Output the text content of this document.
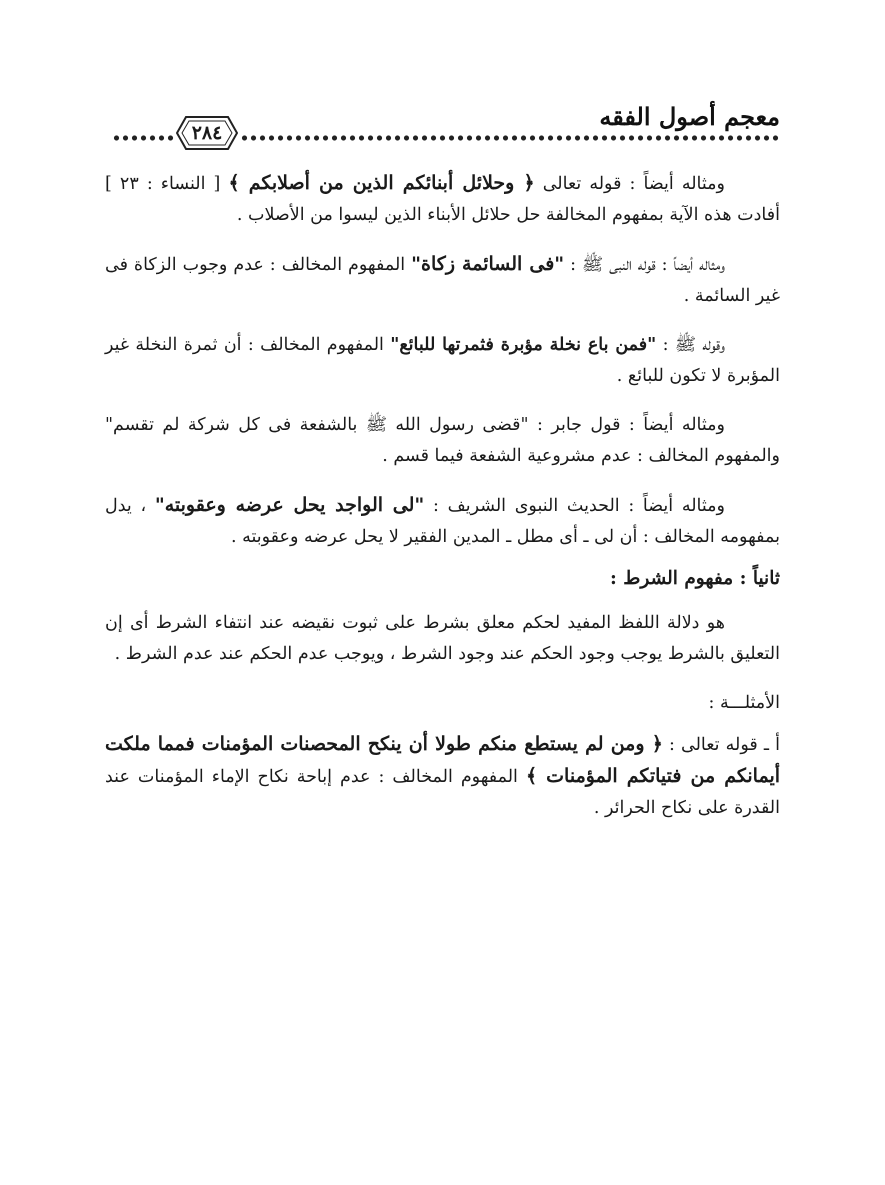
معجم أصول الفقه
٢٨٤

ومثاله أيضاً : قوله تعالى ﴿ وحلائل أبنائكم الذين من أصلابكم ﴾ [ النساء : ٢٣ ] أفادت هذه الآية بمفهوم المخالفة حل حلائل الأبناء الذين ليسوا من الأصلاب .

ومثاله أيضاً : قوله النبى ﷺ : "فى السائمة زكاة" المفهوم المخالف : عدم وجوب الزكاة فى غير السائمة .

وقوله ﷺ : "فمن باع نخلة مؤبرة فثمرتها للبائع" المفهوم المخالف : أن ثمرة النخلة غير المؤبرة لا تكون للبائع .

ومثاله أيضاً : قول جابر : "قضى رسول الله ﷺ بالشفعة فى كل شركة لم تقسم" والمفهوم المخالف : عدم مشروعية الشفعة فيما قسم .

ومثاله أيضاً : الحديث النبوى الشريف : "لى الواجد يحل عرضه وعقوبته" ، يدل بمفهومه المخالف : أن لى ـ أى مطل ـ المدين الفقير لا يحل عرضه وعقوبته .

ثانياً : مفهوم الشرط :

هو دلالة اللفظ المفيد لحكم معلق بشرط على ثبوت نقيضه عند انتفاء الشرط أى إن التعليق بالشرط يوجب وجود الحكم عند وجود الشرط ، ويوجب عدم الحكم عند عدم الشرط .

الأمثلـــة :

أ ـ قوله تعالى : ﴿ ومن لم يستطع منكم طولا أن ينكح المحصنات المؤمنات فمما ملكت أيمانكم من فتياتكم المؤمنات ﴾ المفهوم المخالف : عدم إباحة نكاح الإماء المؤمنات عند القدرة على نكاح الحرائر .
